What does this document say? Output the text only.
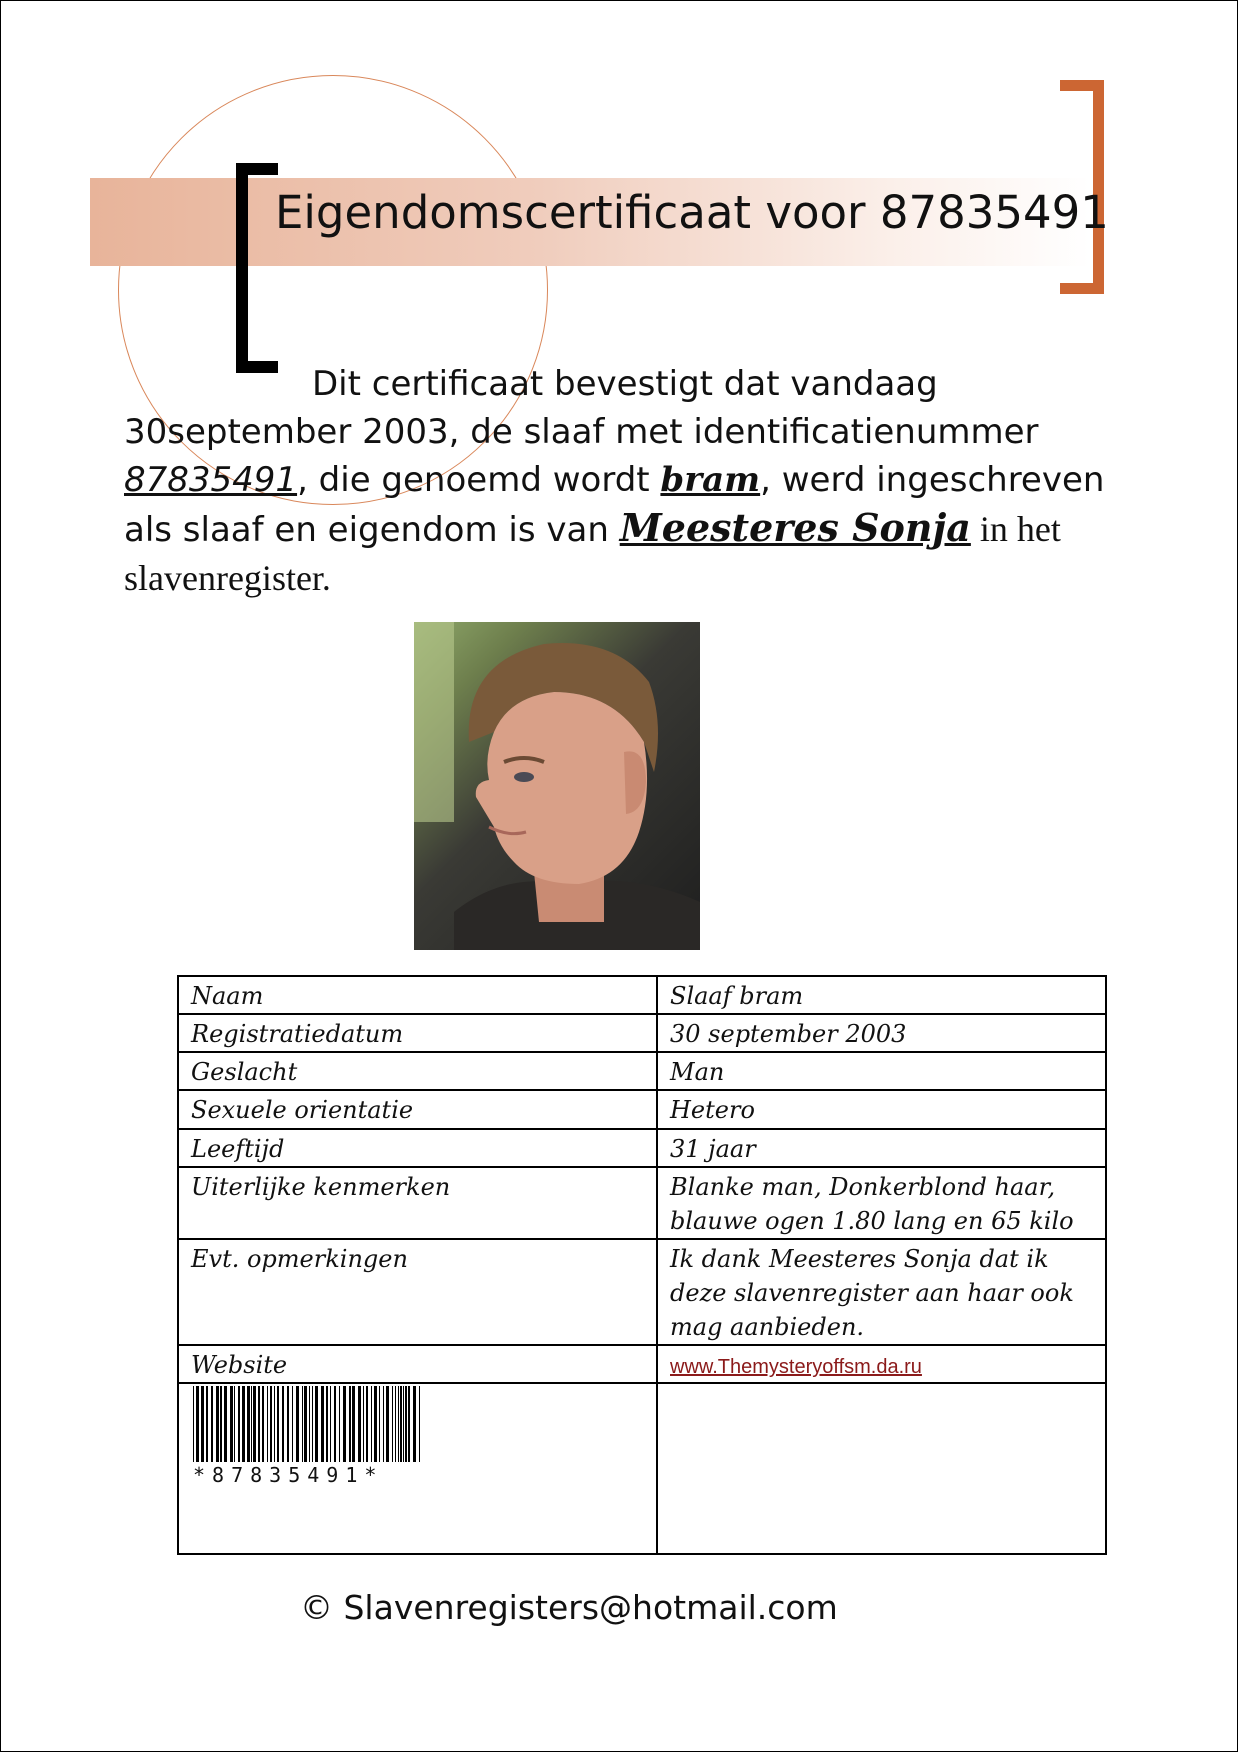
Eigendomscertificaat voor 87835491
Dit certificaat bevestigt dat vandaag
30september 2003, de slaaf met identificatienummer
87835491, die genoemd wordt bram, werd ingeschreven
als slaaf en eigendom is van Meesteres Sonja in het
slavenregister.
Naam	Slaaf bram
Registratiedatum	30 september 2003
Geslacht	Man
Sexuele orientatie	Hetero
Leeftijd	31 jaar
Uiterlijke kenmerken	Blanke man, Donkerblond haar, blauwe ogen 1.80 lang en 65 kilo
Evt. opmerkingen	Ik dank Meesteres Sonja dat ik deze slavenregister aan haar ook mag aanbieden.
Website	www.Themysteryoffsm.da.ru

*87835491*	

© Slavenregisters@hotmail.com
